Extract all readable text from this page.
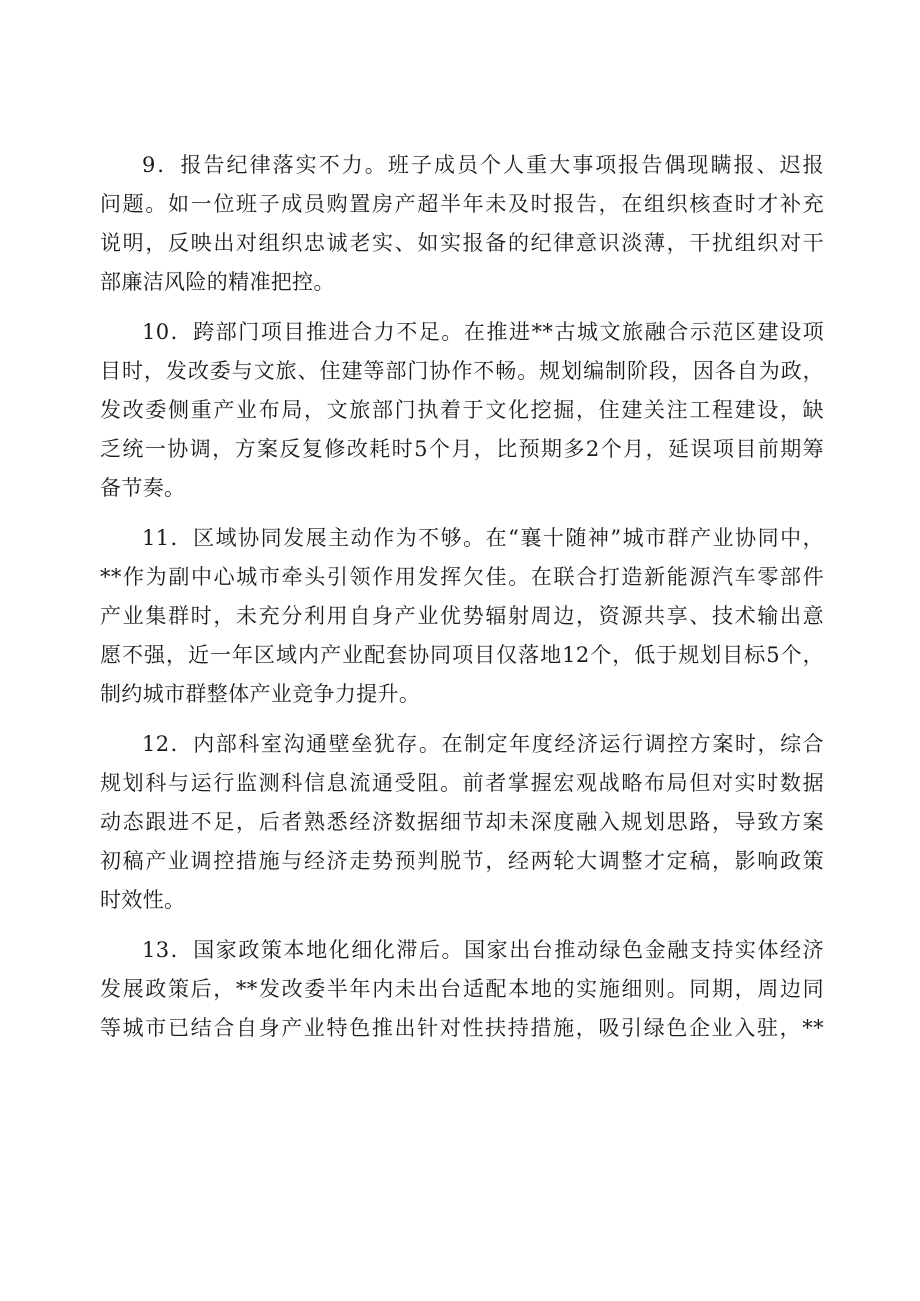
9．报告纪律落实不力。班子成员个人重大事项报告偶现瞒报、迟报
问题。如一位班子成员购置房产超半年未及时报告，在组织核查时才补充
说明，反映出对组织忠诚老实、如实报备的纪律意识淡薄，干扰组织对干
部廉洁风险的精准把控。

10．跨部门项目推进合力不足。在推进**古城文旅融合示范区建设项
目时，发改委与文旅、住建等部门协作不畅。规划编制阶段，因各自为政，
发改委侧重产业布局，文旅部门执着于文化挖掘，住建关注工程建设，缺
乏统一协调，方案反复修改耗时5个月，比预期多2个月，延误项目前期筹
备节奏。

11．区域协同发展主动作为不够。在“襄十随神”城市群产业协同中，
**作为副中心城市牵头引领作用发挥欠佳。在联合打造新能源汽车零部件
产业集群时，未充分利用自身产业优势辐射周边，资源共享、技术输出意
愿不强，近一年区域内产业配套协同项目仅落地12个，低于规划目标5个，
制约城市群整体产业竞争力提升。

12．内部科室沟通壁垒犹存。在制定年度经济运行调控方案时，综合
规划科与运行监测科信息流通受阻。前者掌握宏观战略布局但对实时数据
动态跟进不足，后者熟悉经济数据细节却未深度融入规划思路，导致方案
初稿产业调控措施与经济走势预判脱节，经两轮大调整才定稿，影响政策
时效性。

13．国家政策本地化细化滞后。国家出台推动绿色金融支持实体经济
发展政策后，**发改委半年内未出台适配本地的实施细则。同期，周边同
等城市已结合自身产业特色推出针对性扶持措施，吸引绿色企业入驻，**
